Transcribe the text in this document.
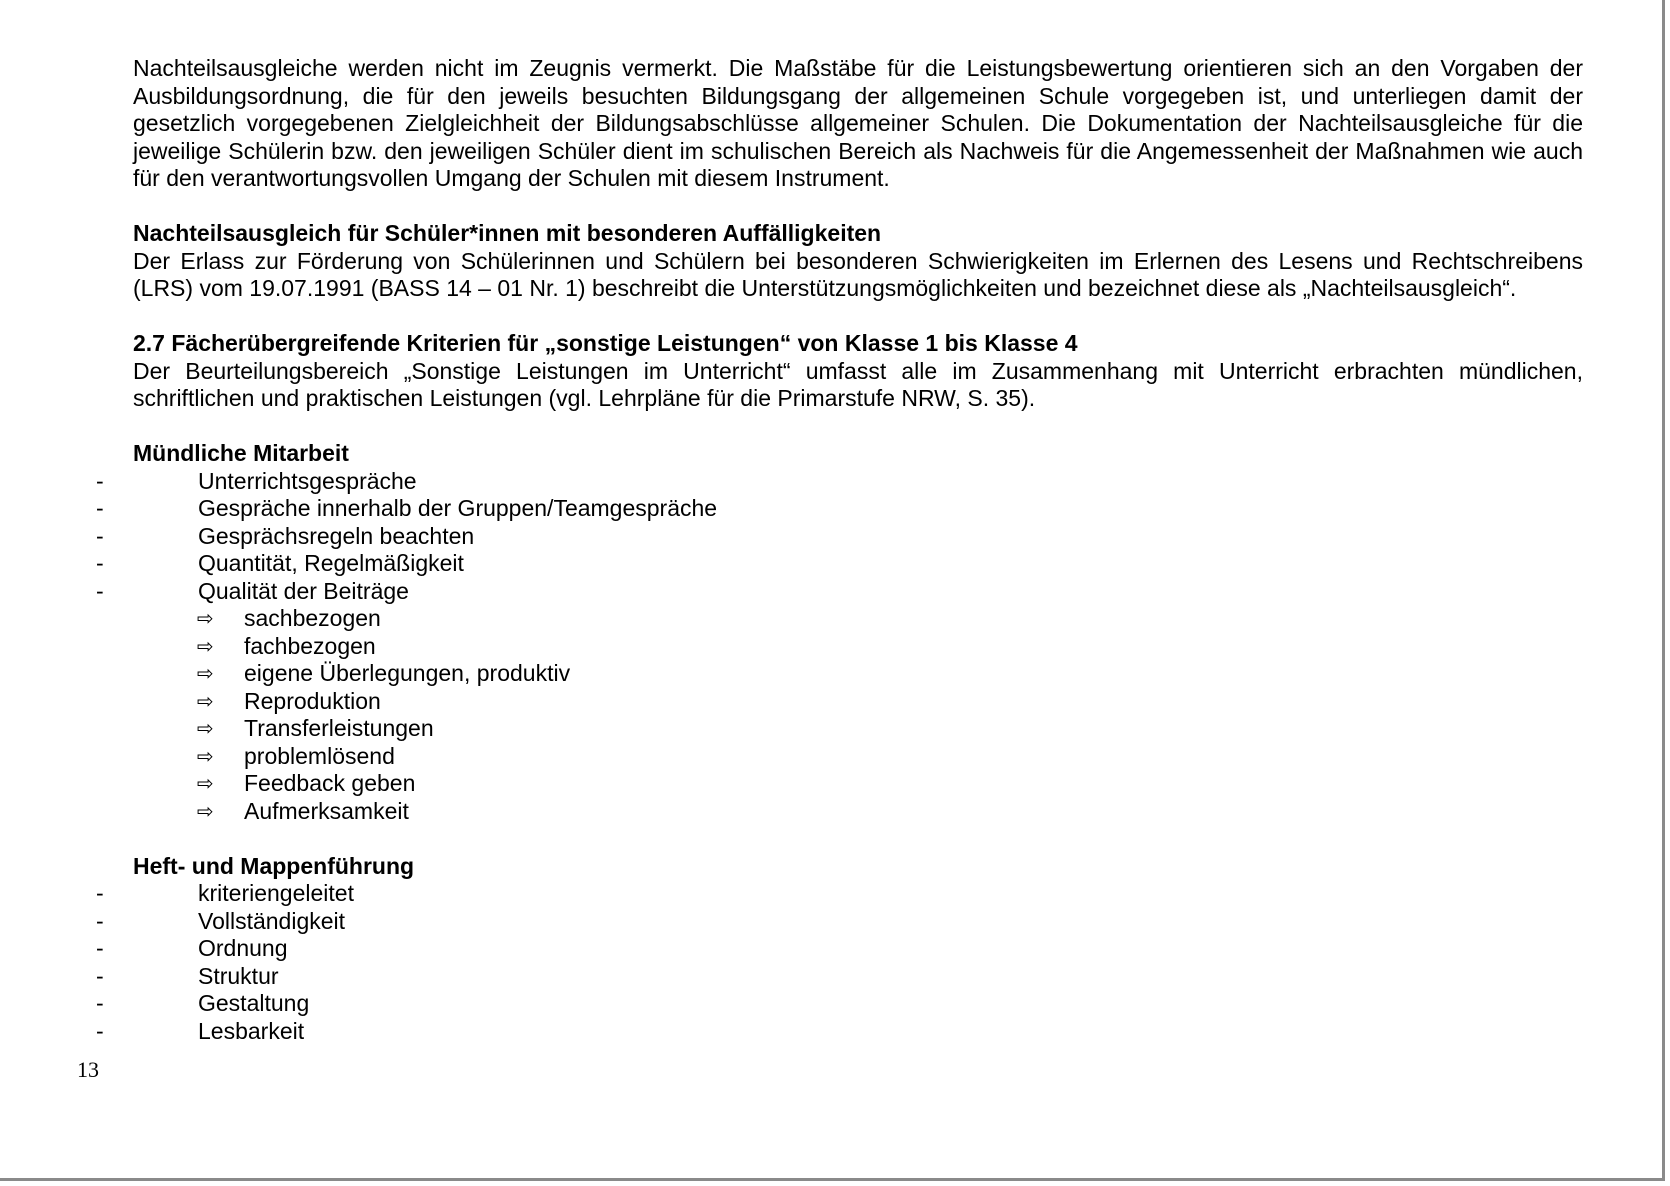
Nachteilsausgleiche werden nicht im Zeugnis vermerkt. Die Maßstäbe für die Leistungsbewertung orientieren sich an den Vorgaben der Ausbildungsordnung, die für den jeweils besuchten Bildungsgang der allgemeinen Schule vorgegeben ist, und unterliegen damit der gesetzlich vorgegebenen Zielgleichheit der Bildungsabschlüsse allgemeiner Schulen. Die Dokumentation der Nachteilsausgleiche für die jeweilige Schülerin bzw. den jeweiligen Schüler dient im schulischen Bereich als Nachweis für die Angemessenheit der Maßnahmen wie auch für den verantwortungsvollen Umgang der Schulen mit diesem Instrument.

Nachteilsausgleich für Schüler*innen mit besonderen Auffälligkeiten

Der Erlass zur Förderung von Schülerinnen und Schülern bei besonderen Schwierigkeiten im Erlernen des Lesens und Rechtschreibens (LRS) vom 19.07.1991 (BASS 14 – 01 Nr. 1) beschreibt die Unterstützungsmöglichkeiten und bezeichnet diese als „Nachteilsausgleich“.

2.7 Fächerübergreifende Kriterien für „sonstige Leistungen“ von Klasse 1 bis Klasse 4

Der Beurteilungsbereich „Sonstige Leistungen im Unterricht“ umfasst alle im Zusammenhang mit Unterricht erbrachten mündlichen, schriftlichen und praktischen Leistungen (vgl. Lehrpläne für die Primarstufe NRW, S. 35).

Mündliche Mitarbeit

-	Unterrichtsgespräche
-	Gespräche innerhalb der Gruppen/Teamgespräche
-	Gesprächsregeln beachten
-	Quantität, Regelmäßigkeit
-	Qualität der Beiträge
⇨ sachbezogen
⇨ fachbezogen
⇨ eigene Überlegungen, produktiv
⇨ Reproduktion
⇨ Transferleistungen
⇨ problemlösend
⇨ Feedback geben
⇨ Aufmerksamkeit

Heft- und Mappenführung

-	kriteriengeleitet
-	Vollständigkeit
-	Ordnung
-	Struktur
-	Gestaltung
-	Lesbarkeit
13
